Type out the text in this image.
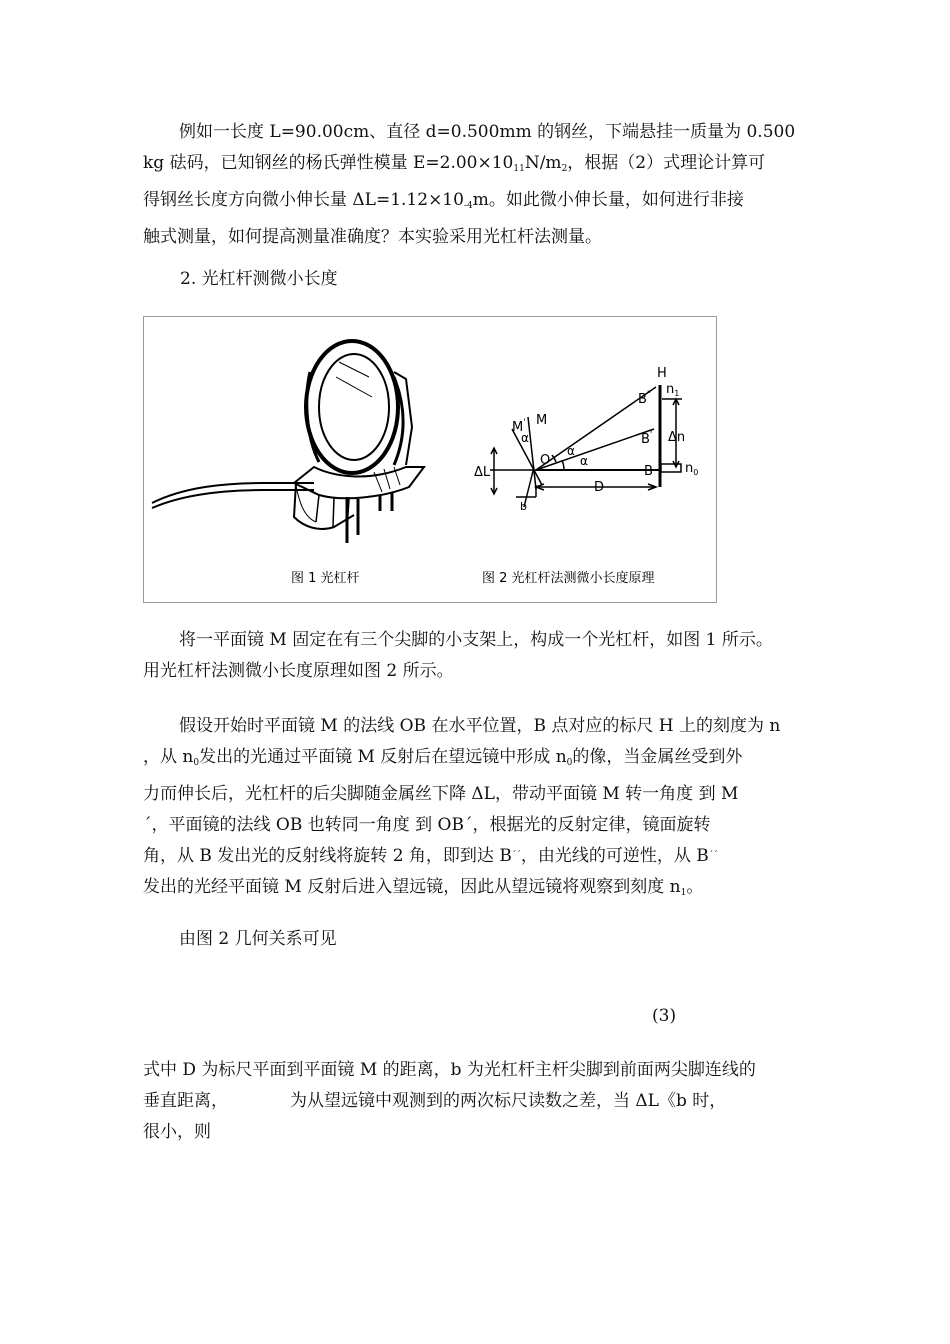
例如一长度 L=90.00cm、直径 d=0.500mm 的钢丝，下端悬挂一质量为 0.500
kg 砝码，已知钢丝的杨氏弹性模量 $E=2.00\times 10_{11}N/m_2$，根据（2）式理论计算可
得钢丝长度方向微小伸长量 $\Delta L=1.12\times 10_{-4}m$。如此微小伸长量，如何进行非接
触式测量，如何提高测量准确度？本实验采用光杠杆法测量。
2. 光杠杆测微小长度
H
B" $n_1$
M' M
B' Δn
α
α
α
O
ΔL	B $n_0$
D
b
图 1 光杠杆	图 2 光杠杆法测微小长度原理
将一平面镜 M 固定在有三个尖脚的小支架上，构成一个光杠杆，如图 1 所示。
用光杠杆法测微小长度原理如图 2 所示。
假设开始时平面镜 M 的法线 OB 在水平位置，B 点对应的标尺 H 上的刻度为 n
，从 $n_0$发出的光通过平面镜 M 反射后在望远镜中形成 $n_0$的像，当金属丝受到外
力而伸长后，光杠杆的后尖脚随金属丝下降 ΔL，带动平面镜 M 转一角度 到 M
´，平面镜的法线 OB 也转同一角度 到 OB´，根据光的反射定律，镜面旋转
角，从 B 发出光的反射线将旋转 2 角，即到达 B´´，由光线的可逆性，从 B´´
发出的光经平面镜 M 反射后进入望远镜，因此从望远镜将观察到刻度 $n_1$。
由图 2 几何关系可见
(3)
式中 D 为标尺平面到平面镜 M 的距离，b 为光杠杆主杆尖脚到前面两尖脚连线的
垂直距离，	为从望远镜中观测到的两次标尺读数之差，当 ΔL《b 时，
很小，则
